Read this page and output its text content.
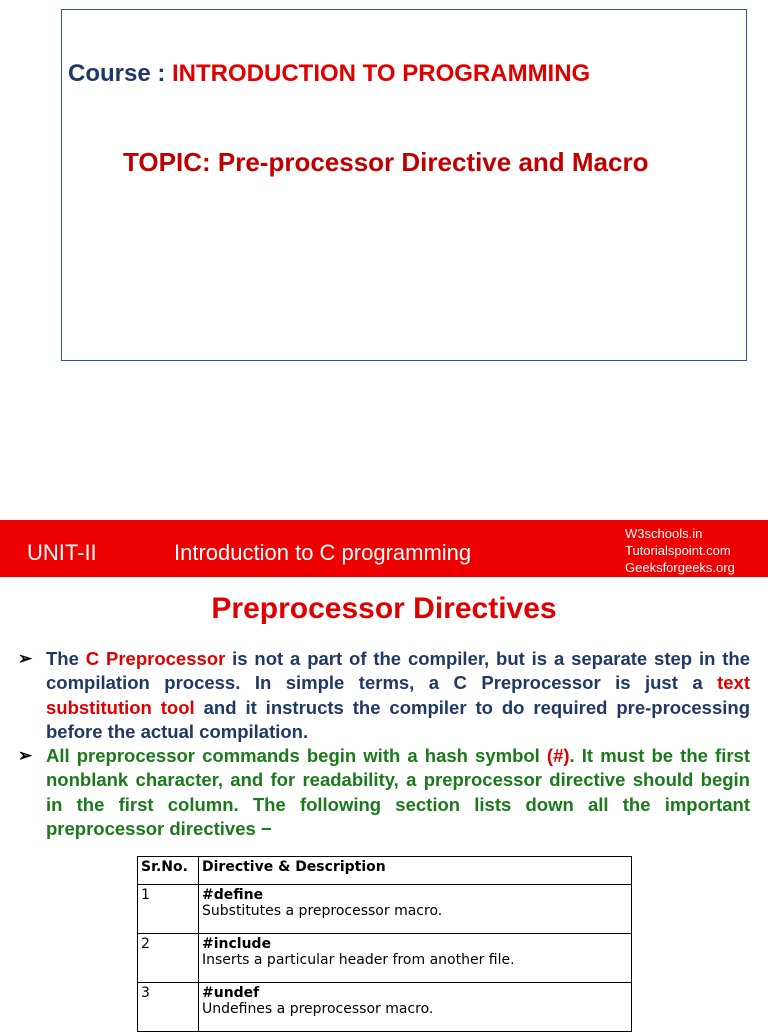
Course : INTRODUCTION TO PROGRAMMING
TOPIC: Pre-processor Directive and Macro
UNIT-II	Introduction to C programming
W3schools.in
Tutorialspoint.com
Geeksforgeeks.org
Preprocessor Directives
➢ The C Preprocessor is not a part of the compiler, but is a separate step in the compilation process. In simple terms, a C Preprocessor is just a text substitution tool and it instructs the compiler to do required pre-processing before the actual compilation.
➢ All preprocessor commands begin with a hash symbol (#). It must be the first nonblank character, and for readability, a preprocessor directive should begin in the first column. The following section lists down all the important preprocessor directives −
Sr.No.	Directive & Description
1	#define
Substitutes a preprocessor macro.

2	#include
Inserts a particular header from another file.

3	#undef
Undefines a preprocessor macro.
